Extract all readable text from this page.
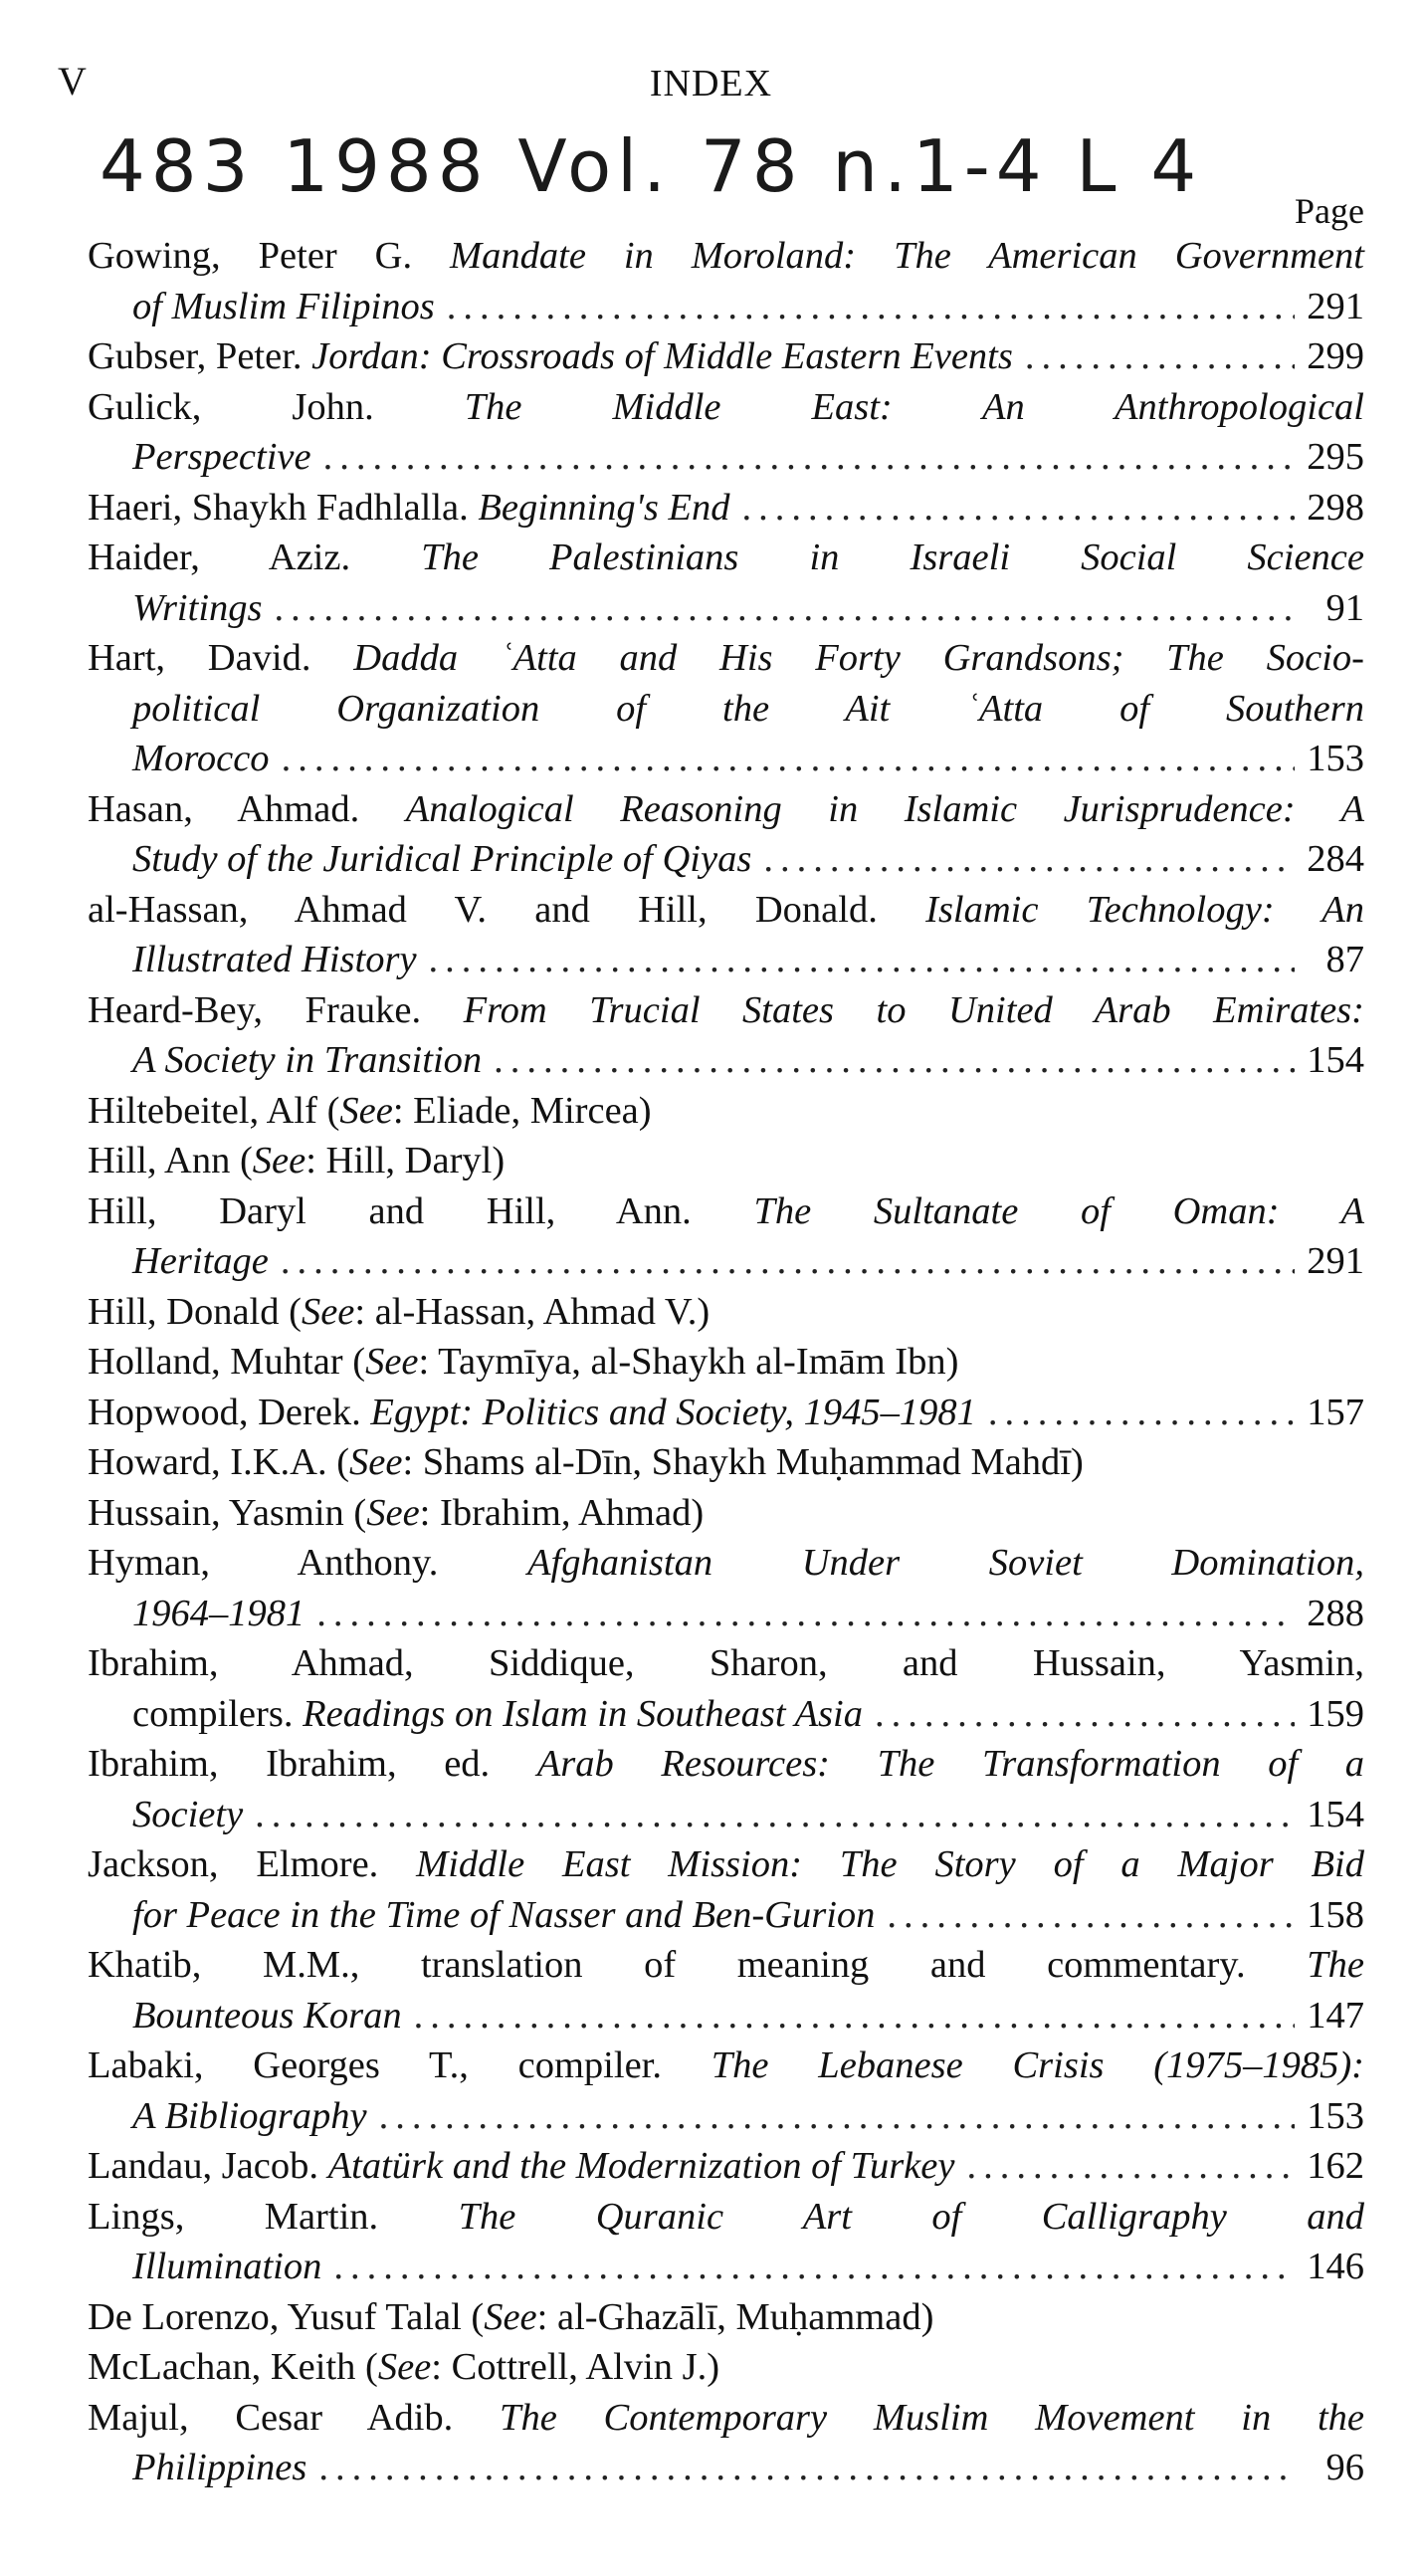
V	INDEX
483 1988 Vol. 78 n.1-4 L 4
Page
Gowing, Peter G. Mandate in Moroland: The American Government
of Muslim Filipinos .....	291
Gubser, Peter. Jordan: Crossroads of Middle Eastern Events .....	299
Gulick, John. The Middle East: An Anthropological
Perspective .....	295
Haeri, Shaykh Fadhlalla. Beginning's End .....	298
Haider, Aziz. The Palestinians in Israeli Social Science
Writings .....	91
Hart, David. Dadda ʿAtta and His Forty Grandsons; The Socio-
political Organization of the Ait ʿAtta of Southern
Morocco .....	153
Hasan, Ahmad. Analogical Reasoning in Islamic Jurisprudence: A
Study of the Juridical Principle of Qiyas .....	284
al-Hassan, Ahmad V. and Hill, Donald. Islamic Technology: An
Illustrated History .....	87
Heard-Bey, Frauke. From Trucial States to United Arab Emirates:
A Society in Transition .....	154
Hiltebeitel, Alf (See: Eliade, Mircea)
Hill, Ann (See: Hill, Daryl)
Hill, Daryl and Hill, Ann. The Sultanate of Oman: A
Heritage .....	291
Hill, Donald (See: al-Hassan, Ahmad V.)
Holland, Muhtar (See: Taymīya, al-Shaykh al-Imām Ibn)
Hopwood, Derek. Egypt: Politics and Society, 1945–1981 .....	157
Howard, I.K.A. (See: Shams al-Dīn, Shaykh Muḥammad Mahdī)
Hussain, Yasmin (See: Ibrahim, Ahmad)
Hyman, Anthony. Afghanistan Under Soviet Domination,
1964–1981 .....	288
Ibrahim, Ahmad, Siddique, Sharon, and Hussain, Yasmin,
compilers. Readings on Islam in Southeast Asia .....	159
Ibrahim, Ibrahim, ed. Arab Resources: The Transformation of a
Society .....	154
Jackson, Elmore. Middle East Mission: The Story of a Major Bid
for Peace in the Time of Nasser and Ben-Gurion .....	158
Khatib, M.M., translation of meaning and commentary. The
Bounteous Koran .....	147
Labaki, Georges T., compiler. The Lebanese Crisis (1975–1985):
A Bibliography .....	153
Landau, Jacob. Atatürk and the Modernization of Turkey .....	162
Lings, Martin. The Quranic Art of Calligraphy and
Illumination .....	146
De Lorenzo, Yusuf Talal (See: al-Ghazālī, Muḥammad)
McLachan, Keith (See: Cottrell, Alvin J.)
Majul, Cesar Adib. The Contemporary Muslim Movement in the
Philippines .....	96
